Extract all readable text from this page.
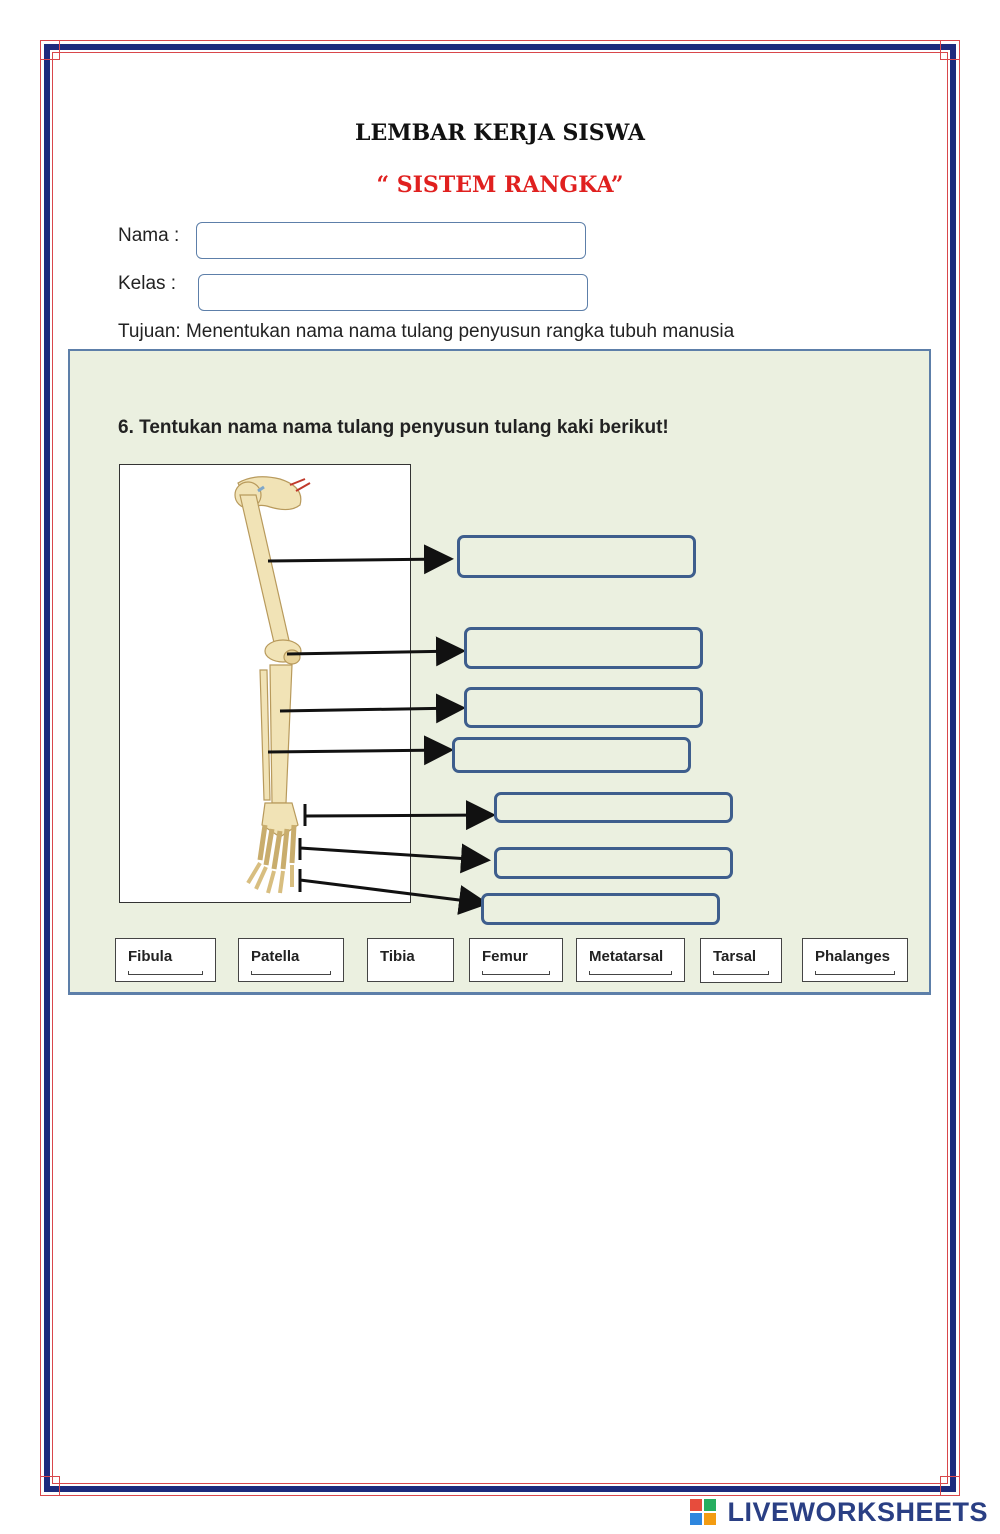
LEMBAR KERJA SISWA
“ SISTEM RANGKA”
Nama :
Kelas :
Tujuan: Menentukan nama nama tulang penyusun rangka tubuh manusia
6. Tentukan nama nama tulang penyusun tulang kaki berikut!
Fibula	Patella	Tibia	Femur	Metatarsal	Tarsal	Phalanges
LIVEWORKSHEETS
